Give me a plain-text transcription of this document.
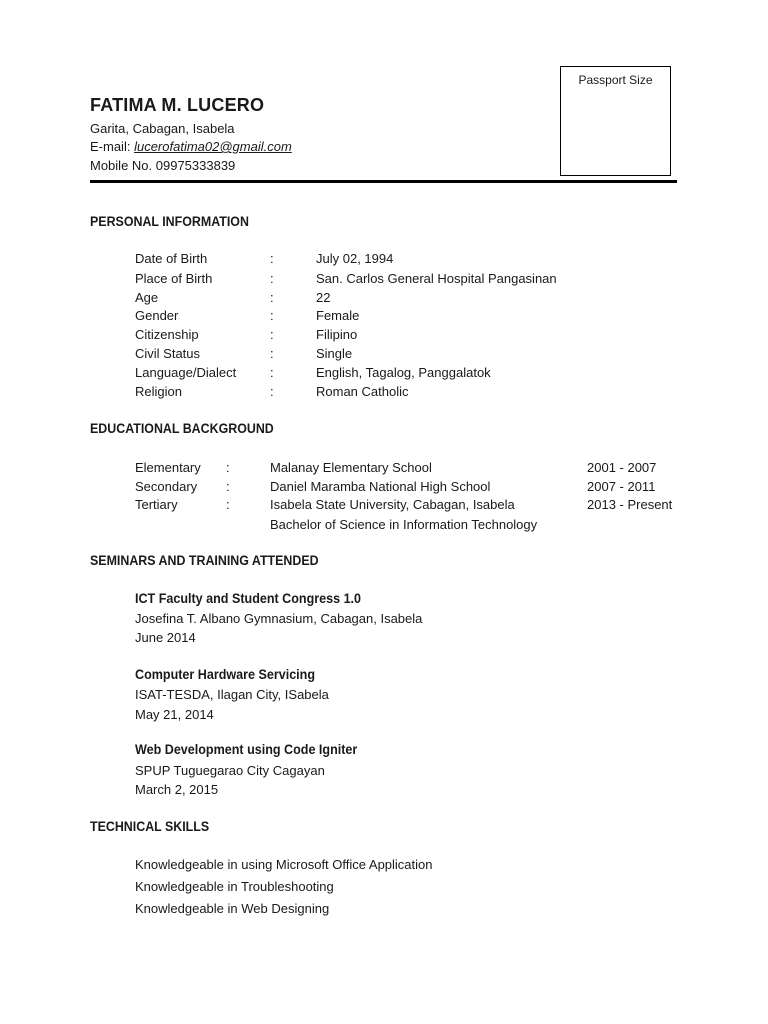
Passport Size
FATIMA M. LUCERO
Garita, Cabagan, Isabela
E-mail: lucerofatima02@gmail.com
Mobile No. 09975333839
PERSONAL INFORMATION
Date of Birth	:	July 02, 1994
Place of Birth	:	San. Carlos General Hospital Pangasinan
Age	:	22
Gender	:	Female
Citizenship	:	Filipino
Civil Status	:	Single
Language/Dialect	:	English, Tagalog, Panggalatok
Religion	:	Roman Catholic
EDUCATIONAL BACKGROUND
Elementary :	Malanay Elementary School	2001 - 2007
Secondary :	Daniel Maramba National High School	2007 - 2011
Tertiary	:	Isabela State University, Cabagan, Isabela	2013 - Present
Bachelor of Science in Information Technology
SEMINARS AND TRAINING ATTENDED
ICT Faculty and Student Congress 1.0
Josefina T. Albano Gymnasium, Cabagan, Isabela
June 2014
Computer Hardware Servicing
ISAT-TESDA, Ilagan City, ISabela
May 21, 2014
Web Development using Code Igniter
SPUP Tuguegarao City Cagayan
March 2, 2015
TECHNICAL SKILLS
Knowledgeable in using Microsoft Office Application
Knowledgeable in Troubleshooting
Knowledgeable in Web Designing
